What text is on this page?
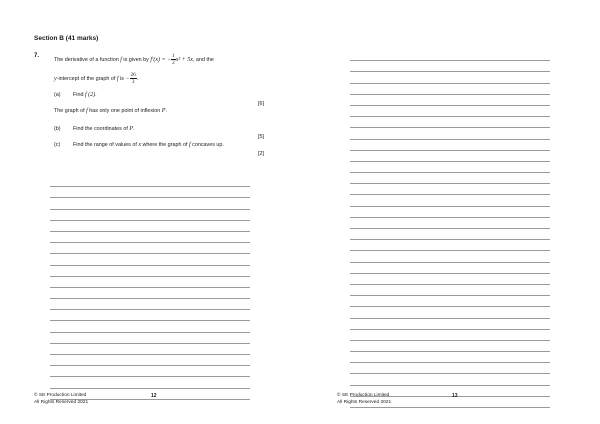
Section B (41 marks)
7.
The derivative of a function f is given by f′(x) = − $\frac{1}{2} x^2 + 5x$, and the
y-intercept of the graph of f is − $\frac{26}{3}$ .
(a) Find f (2).
[6]
The graph of f has only one point of inflexion P.
(b) Find the coordinates of P.
[5]
(c) Find the range of values of x where the graph of f concaves up.
[2]
© SE Production Limited
All Rights Reserved 2021
12	© SE Production Limited
All Rights Reserved 2021
13
